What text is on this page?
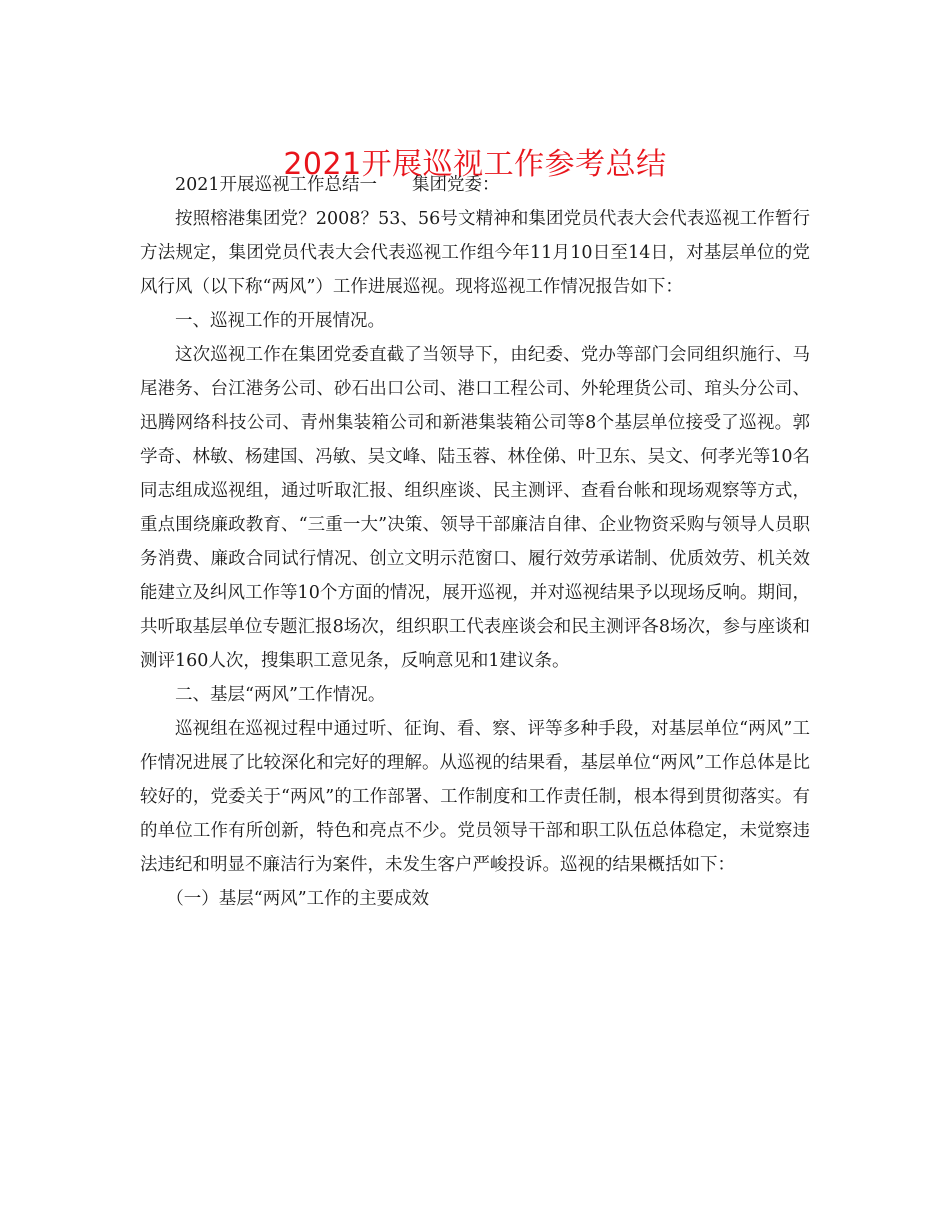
2021开展巡视工作参考总结

2021开展巡视工作总结一　　集团党委：

按照榕港集团党？2008？53、56号文精神和集团党员代表大会代表巡视工作暂行方法规定，集团党员代表大会代表巡视工作组今年11月10日至14日，对基层单位的党风行风（以下称“两风”）工作进展巡视。现将巡视工作情况报告如下：

一、巡视工作的开展情况。

这次巡视工作在集团党委直截了当领导下，由纪委、党办等部门会同组织施行、马尾港务、台江港务公司、砂石出口公司、港口工程公司、外轮理货公司、琯头分公司、迅腾网络科技公司、青州集装箱公司和新港集装箱公司等8个基层单位接受了巡视。郭学奇、林敏、杨建国、冯敏、吴文峰、陆玉蓉、林佺俤、叶卫东、吴文、何孝光等10名同志组成巡视组，通过听取汇报、组织座谈、民主测评、查看台帐和现场观察等方式，重点围绕廉政教育、“三重一大”决策、领导干部廉洁自律、企业物资采购与领导人员职务消费、廉政合同试行情况、创立文明示范窗口、履行效劳承诺制、优质效劳、机关效能建立及纠风工作等10个方面的情况，展开巡视，并对巡视结果予以现场反响。期间，共听取基层单位专题汇报8场次，组织职工代表座谈会和民主测评各8场次，参与座谈和测评160人次，搜集职工意见条，反响意见和1建议条。

二、基层“两风”工作情况。

巡视组在巡视过程中通过听、征询、看、察、评等多种手段，对基层单位“两风”工作情况进展了比较深化和完好的理解。从巡视的结果看，基层单位“两风”工作总体是比较好的，党委关于“两风”的工作部署、工作制度和工作责任制，根本得到贯彻落实。有的单位工作有所创新，特色和亮点不少。党员领导干部和职工队伍总体稳定，未觉察违法违纪和明显不廉洁行为案件，未发生客户严峻投诉。巡视的结果概括如下：

（一）基层“两风”工作的主要成效
